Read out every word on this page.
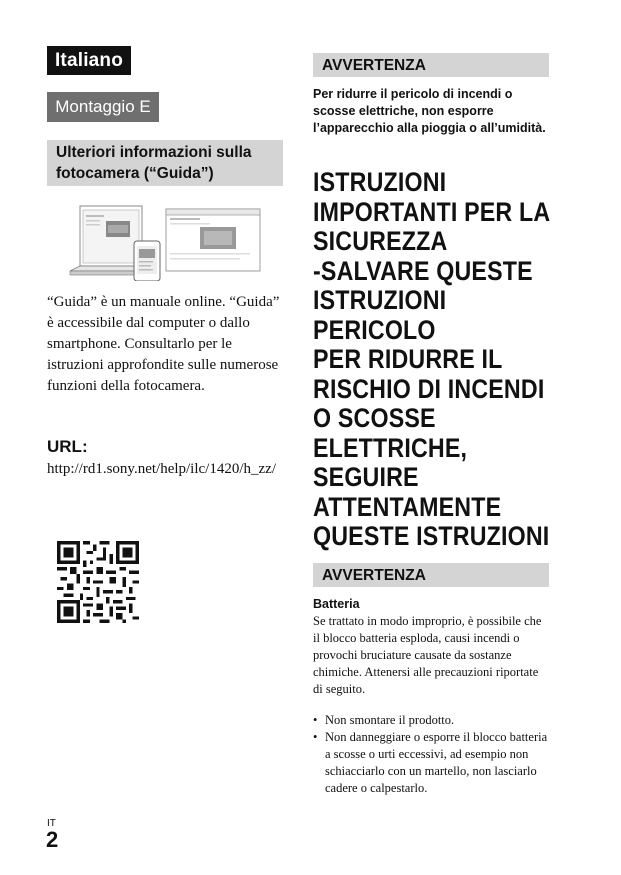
Italiano
Montaggio E
Ulteriori informazioni sulla fotocamera (“Guida”)
“Guida” è un manuale online. “Guida” è accessibile dal computer o dallo smartphone. Consultarlo per le istruzioni approfondite sulle numerose funzioni della fotocamera.
URL:
http://rd1.sony.net/help/ilc/1420/h_zz/
IT
2
AVVERTENZA
Per ridurre il pericolo di incendi o scosse elettriche, non esporre l’apparecchio alla pioggia o all’umidità.
ISTRUZIONI
IMPORTANTI PER LA
SICUREZZA
-SALVARE QUESTE
ISTRUZIONI
PERICOLO
PER RIDURRE IL
RISCHIO DI INCENDI
O SCOSSE
ELETTRICHE,
SEGUIRE
ATTENTAMENTE
QUESTE ISTRUZIONI
AVVERTENZA
Batteria
Se trattato in modo improprio, è possibile che il blocco batteria esploda, causi incendi o provochi bruciature causate da sostanze chimiche. Attenersi alle precauzioni riportate di seguito.
• Non smontare il prodotto.
• Non danneggiare o esporre il blocco batteria a scosse o urti eccessivi, ad esempio non schiacciarlo con un martello, non lasciarlo cadere o calpestarlo.
